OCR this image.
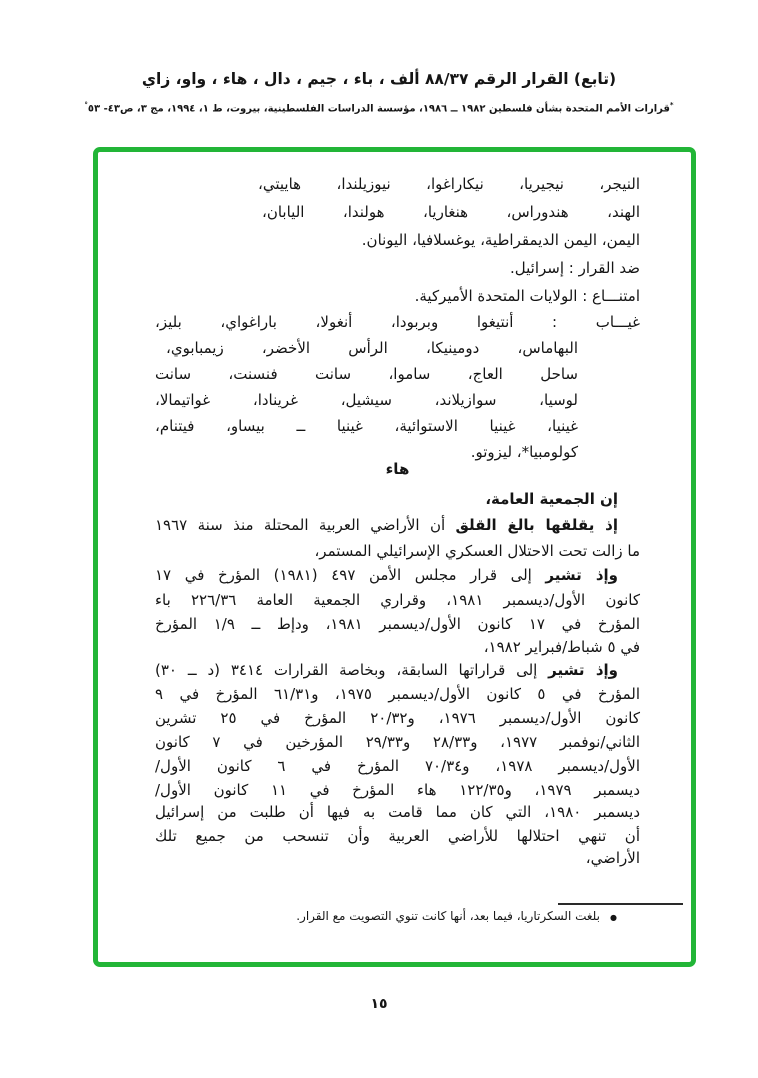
(تابع) القرار الرقم ٨٨/٣٧ ألف ، باء ، جيم ، دال ، هاء ، واو، زاي
*قرارات الأمم المتحدة بشأن فلسطين ١٩٨٢ ــ ١٩٨٦، مؤسسة الدراسات الفلسطينية، بيروت، ط ١، ١٩٩٤، مج ٣، ص٤٣- ٥٣°
النيجر، نيجيريا، نيكاراغوا، نيوزيلندا، هاييتي،
الهند، هندوراس، هنغاريا، هولندا، اليابان،
اليمن، اليمن الديمقراطية، يوغسلافيا، اليونان.
ضد القرار : إسرائيل.
امتنـــاع : الولايات المتحدة الأميركية.
غيـــاب : أنتيغوا وبربودا، أنغولا، باراغواي، بليز،
البهاماس، دومينيكا، الرأس الأخضر، زيمبابوي،
ساحل العاج، ساموا، سانت فنسنت، سانت
لوسيا، سوازيلاند، سيشيل، غرينادا، غواتيمالا،
غينيا، غينيا الاستوائية، غينيا ــ بيساو، فيتنام،
كولومبيا*، ليزوتو.
هاء
إن الجمعية العامة،
إذ يقلقها بالغ القلق أن الأراضي العربية المحتلة منذ سنة ١٩٦٧
ما زالت تحت الاحتلال العسكري الإسرائيلي المستمر،
وإذ تشير إلى قرار مجلس الأمن ٤٩٧ (١٩٨١) المؤرخ في ١٧
كانون الأول/ديسمبر ١٩٨١، وقراري الجمعية العامة ٢٢٦/٣٦ باء
المؤرخ في ١٧ كانون الأول/ديسمبر ١٩٨١، ودإط ــ ١/٩ المؤرخ
في ٥ شباط/فبراير ١٩٨٢،
وإذ تشير إلى قراراتها السابقة، وبخاصة القرارات ٣٤١٤ (د ــ ٣٠)
المؤرخ في ٥ كانون الأول/ديسمبر ١٩٧٥، و٦١/٣١ المؤرخ في ٩
كانون الأول/ديسمبر ١٩٧٦، و٢٠/٣٢ المؤرخ في ٢٥ تشرين
الثاني/نوفمبر ١٩٧٧، و٢٨/٣٣ و٢٩/٣٣ المؤرخين في ٧ كانون
الأول/ديسمبر ١٩٧٨، و٧٠/٣٤ المؤرخ في ٦ كانون الأول/
ديسمبر ١٩٧٩، و١٢٢/٣٥ هاء المؤرخ في ١١ كانون الأول/
ديسمبر ١٩٨٠، التي كان مما قامت به فيها أن طلبت من إسرائيل
أن تنهي احتلالها للأراضي العربية وأن تنسحب من جميع تلك
الأراضي،
●
بلغت السكرتاريا، فيما بعد، أنها كانت تنوي التصويت مع القرار.
١٥
